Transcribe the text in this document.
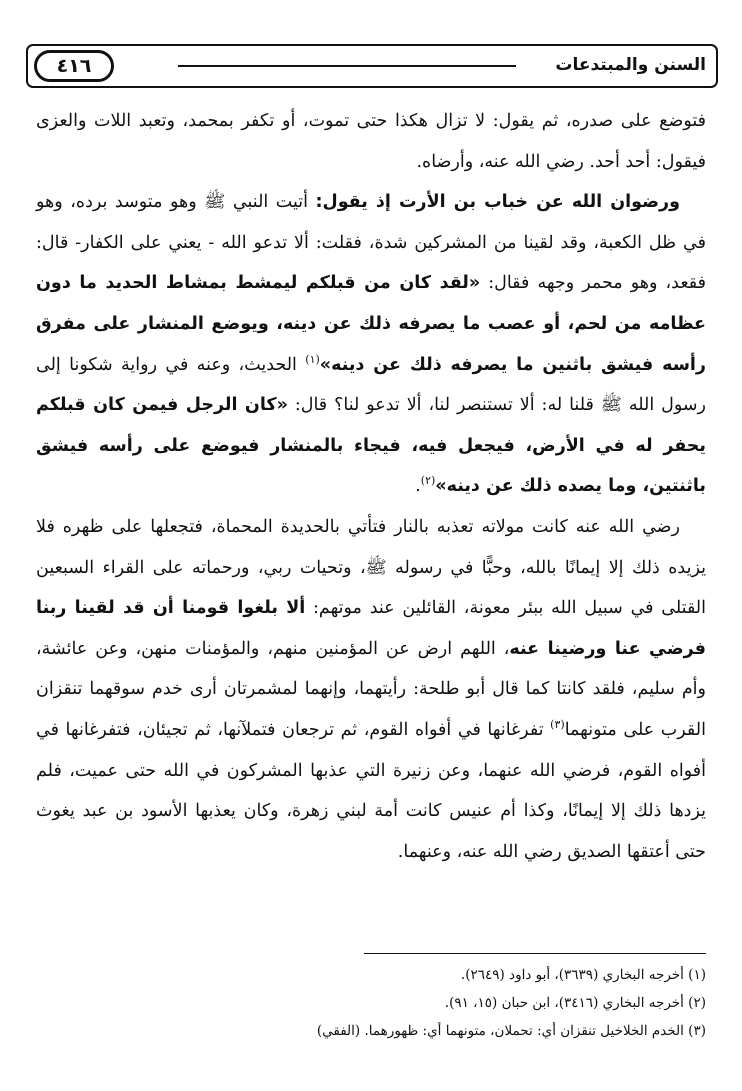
٤١٦	السنن والمبتدعات

فتوضع على صدره، ثم يقول: لا تزال هكذا حتى تموت، أو تكفر بمحمد، وتعبد اللات والعزى فيقول: أحد أحد. رضي الله عنه، وأرضاه.

ورضوان الله عن خباب بن الأرت إذ يقول: أتيت النبي ﷺ وهو متوسد برده، وهو في ظل الكعبة، وقد لقينا من المشركين شدة، فقلت: ألا تدعو الله - يعني على الكفار- قال: فقعد، وهو محمر وجهه فقال: «لقد كان من قبلكم ليمشط بمشاط الحديد ما دون عظامه من لحم، أو عصب ما يصرفه ذلك عن دينه، ويوضع المنشار على مفرق رأسه فيشق باثنين ما يصرفه ذلك عن دينه»$^{(١)}$ الحديث، وعنه في رواية شكونا إلى رسول الله ﷺ قلنا له: ألا تستنصر لنا، ألا تدعو لنا؟ قال: «كان الرجل فيمن كان قبلكم يحفر له في الأرض، فيجعل فيه، فيجاء بالمنشار فيوضع على رأسه فيشق باثنتين، وما يصده ذلك عن دينه»$^{(٢)}$.

رضي الله عنه كانت مولاته تعذبه بالنار فتأتي بالحديدة المحماة، فتجعلها على ظهره فلا يزيده ذلك إلا إيمانًا بالله، وحبًّا في رسوله ﷺ، وتحيات ربي، ورحماته على القراء السبعين القتلى في سبيل الله ببئر معونة، القائلين عند موتهم: ألا بلغوا قومنا أن قد لقينا ربنا فرضي عنا ورضينا عنه، اللهم ارض عن المؤمنين منهم، والمؤمنات منهن، وعن عائشة، وأم سليم، فلقد كانتا كما قال أبو طلحة: رأيتهما، وإنهما لمشمرتان أرى خدم سوقهما تنقزان القرب على متونهما$^{(٣)}$ تفرغانها في أفواه القوم، ثم ترجعان فتملآنها، ثم تجيئان، فتفرغانها في أفواه القوم، فرضي الله عنهما، وعن زنيرة التي عذبها المشركون في الله حتى عميت، فلم يزدها ذلك إلا إيمانًا، وكذا أم عنيس كانت أمة لبني زهرة، وكان يعذبها الأسود بن عبد يغوث حتى أعتقها الصديق رضي الله عنه، وعنهما.

(١) أخرجه البخاري (٣٦٣٩)، أبو داود (٢٦٤٩).

(٢) أخرجه البخاري (٣٤١٦)، ابن حبان (١٥، ٩١).

(٣) الخدم الخلاخيل تنقزان أي: تحملان، متونهما أي: ظهورهما. (الفقي)
